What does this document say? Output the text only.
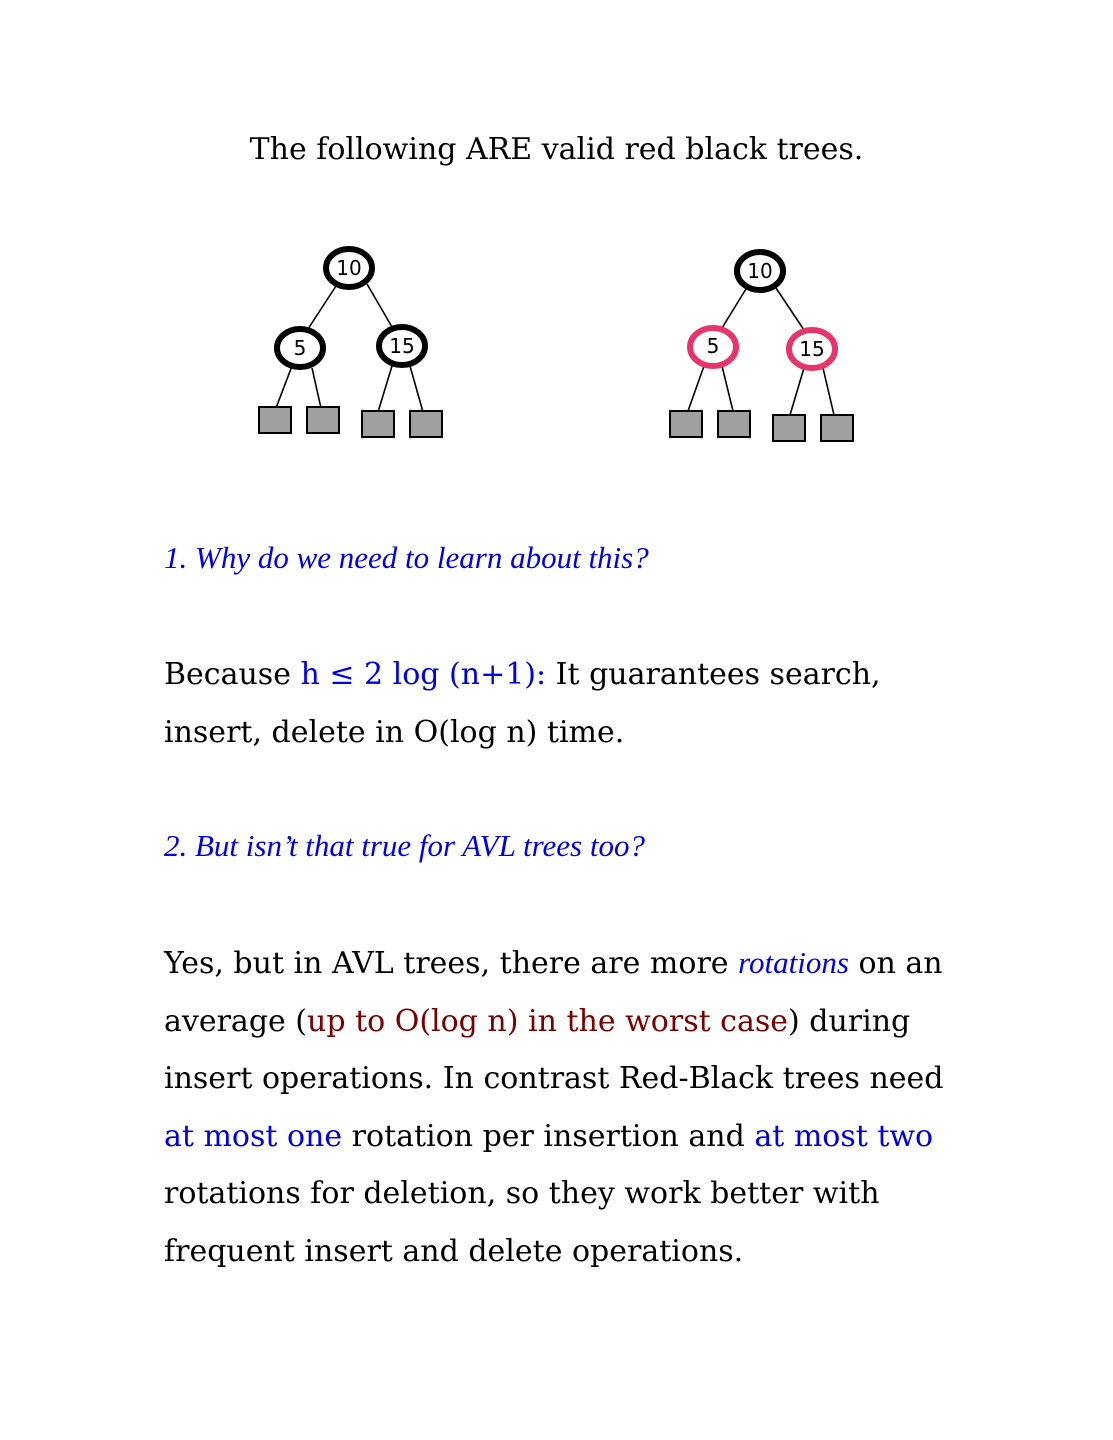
The following ARE valid red black trees.
10
5	15
10
5	15
1. Why do we need to learn about this?
Because h ≤ 2 log (n+1): It guarantees search,
insert, delete in O(log n) time.
2. But isn’t that true for AVL trees too?
Yes, but in AVL trees, there are more rotations on an
average (up to O(log n) in the worst case) during
insert operations. In contrast Red-Black trees need
at most one rotation per insertion and at most two
rotations for deletion, so they work better with
frequent insert and delete operations.
